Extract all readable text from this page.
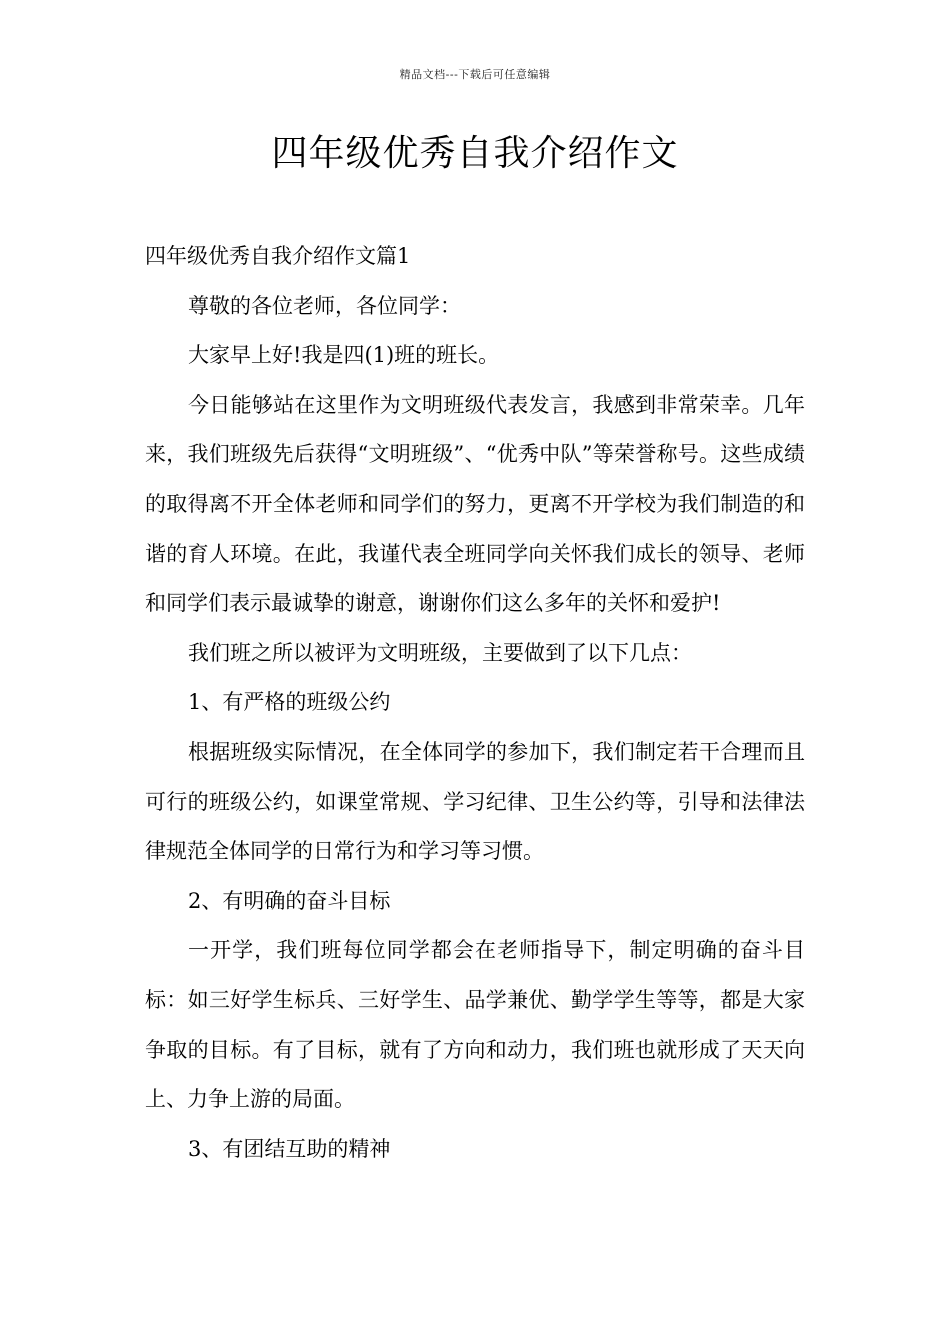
精品文档---下载后可任意编辑
四年级优秀自我介绍作文

四年级优秀自我介绍作文篇1

尊敬的各位老师，各位同学：

大家早上好!我是四(1)班的班长。

今日能够站在这里作为文明班级代表发言，我感到非常荣幸。几年来，我们班级先后获得“文明班级”、“优秀中队”等荣誉称号。这些成绩的取得离不开全体老师和同学们的努力，更离不开学校为我们制造的和谐的育人环境。在此，我谨代表全班同学向关怀我们成长的领导、老师和同学们表示最诚挚的谢意，谢谢你们这么多年的关怀和爱护!

我们班之所以被评为文明班级，主要做到了以下几点：

1、有严格的班级公约

根据班级实际情况，在全体同学的参加下，我们制定若干合理而且可行的班级公约，如课堂常规、学习纪律、卫生公约等，引导和法律法律规范全体同学的日常行为和学习等习惯。

2、有明确的奋斗目标

一开学，我们班每位同学都会在老师指导下，制定明确的奋斗目标：如三好学生标兵、三好学生、品学兼优、勤学学生等等，都是大家争取的目标。有了目标，就有了方向和动力，我们班也就形成了天天向上、力争上游的局面。

3、有团结互助的精神
